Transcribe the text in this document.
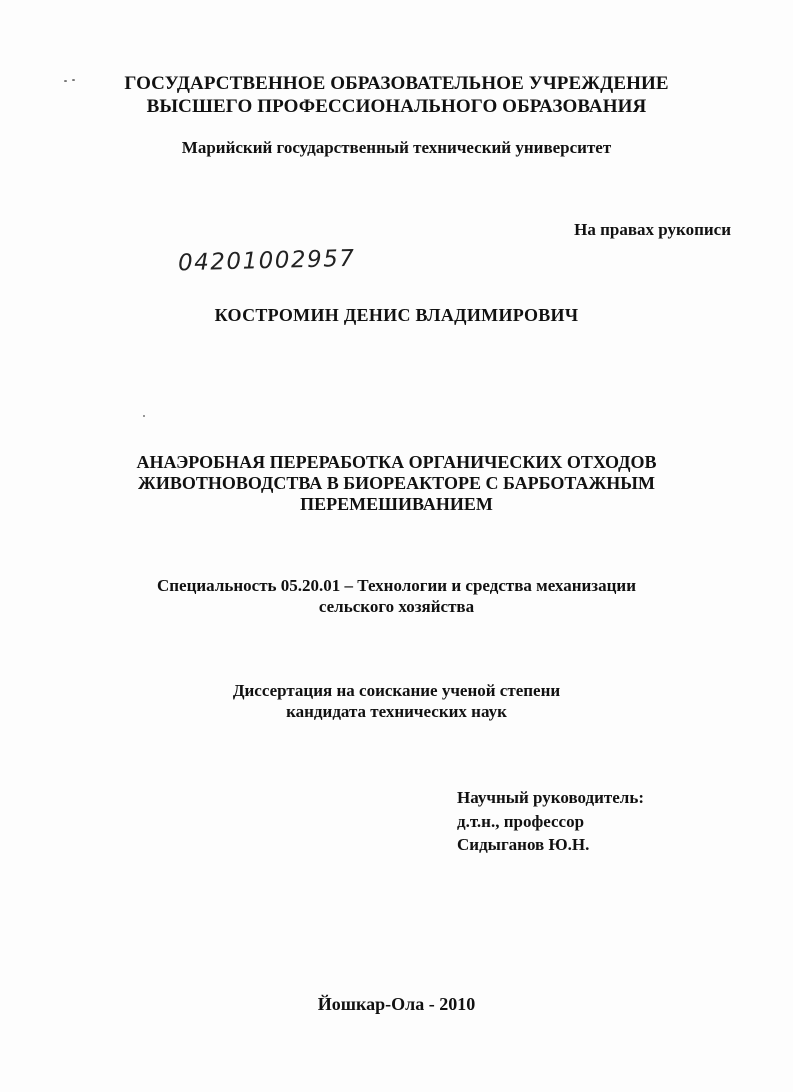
ГОСУДАРСТВЕННОЕ ОБРАЗОВАТЕЛЬНОЕ УЧРЕЖДЕНИЕ
ВЫСШЕГО ПРОФЕССИОНАЛЬНОГО ОБРАЗОВАНИЯ
Марийский государственный технический университет
На правах рукописи
04201002957
КОСТРОМИН ДЕНИС ВЛАДИМИРОВИЧ
АНАЭРОБНАЯ ПЕРЕРАБОТКА ОРГАНИЧЕСКИХ ОТХОДОВ
ЖИВОТНОВОДСТВА В БИОРЕАКТОРЕ С БАРБОТАЖНЫМ
ПЕРЕМЕШИВАНИЕМ
Специальность 05.20.01 – Технологии и средства механизации
сельского хозяйства
Диссертация на соискание ученой степени
кандидата технических наук
Научный руководитель:
д.т.н., профессор
Сидыганов Ю.Н.
Йошкар-Ола - 2010
